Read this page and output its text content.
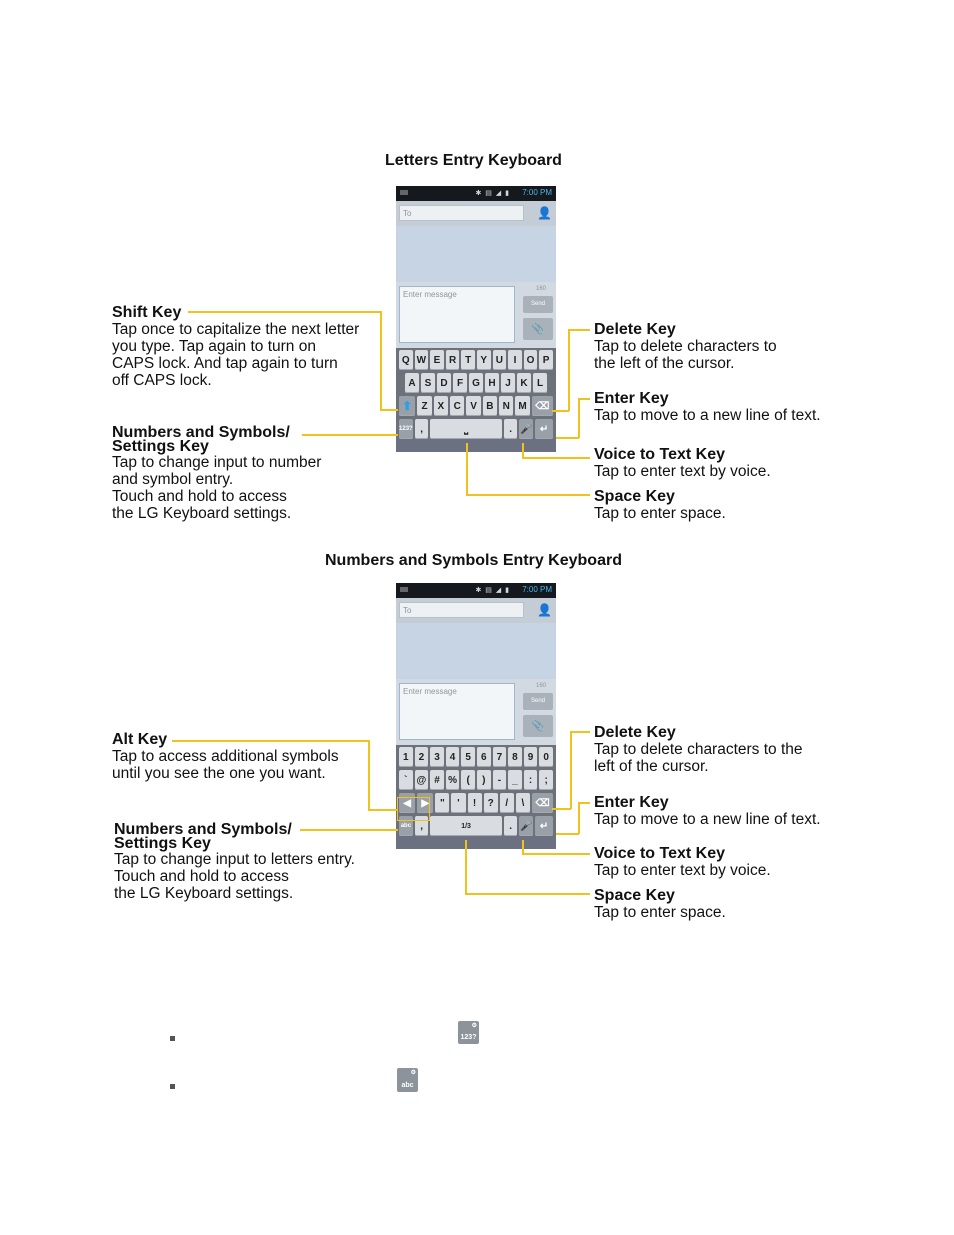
Letters Entry Keyboard
✱ ▤ ◢ ▮ 7:00 PM
To	👤
Enter message
160
Send
📎
Q W E R T Y U	I	O P
A S D F G H J K L
⬆ Z X C V B N M ⌫
123? ,	⎵	. 🎤 ↵
Shift Key
Tap once to capitalize the next letter
you type. Tap again to turn on
CAPS lock. And tap again to turn
off CAPS lock.
Numbers and Symbols/
Settings Key
Tap to change input to number
and symbol entry.
Touch and hold to access
the LG Keyboard settings.
Delete Key
Tap to delete characters to
the left of the cursor.
Enter Key
Tap to move to a new line of text.
Voice to Text Key
Tap to enter text by voice.
Space Key
Tap to enter space.
Numbers and Symbols Entry Keyboard
✱ ▤ ◢ ▮ 7:00 PM
To	👤
Enter message
160
Send
📎
1	2	3	4	5	6	7	8	9	0
` @ # % (	)	-	_	:	;
◀	▶	"	'	!	?	/	\	⌫
abc ,	1/3	. 🎤 ↵
Alt Key
Tap to access additional symbols
until you see the one you want.
Numbers and Symbols/
Settings Key
Tap to change input to letters entry.
Touch and hold to access
the LG Keyboard settings.
Delete Key
Tap to delete characters to the
left of the cursor.
Enter Key
Tap to move to a new line of text.
Voice to Text Key
Tap to enter text by voice.
Space Key
Tap to enter space.
⚙
123?
⚙
abc
